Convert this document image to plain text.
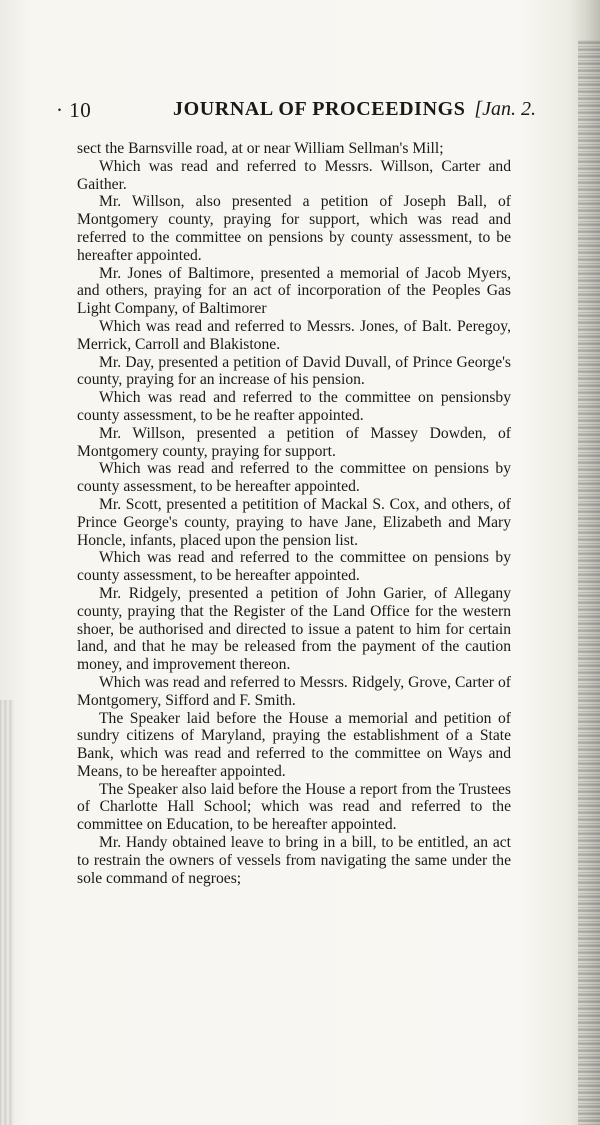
· 10	JOURNAL OF PROCEEDINGS [Jan. 2.

sect the Barnsville road, at or near William Sellman's Mill;

Which was read and referred to Messrs. Willson, Carter and Gaither.

Mr. Willson, also presented a petition of Joseph Ball, of Montgomery county, praying for support, which was read and referred to the committee on pensions by county assessment, to be hereafter appointed.

Mr. Jones of Baltimore, presented a memorial of Jacob Myers, and others, praying for an act of incorporation of the Peoples Gas Light Company, of Baltimorer

Which was read and referred to Messrs. Jones, of Balt. Peregoy, Merrick, Carroll and Blakistone.

Mr. Day, presented a petition of David Duvall, of Prince George's county, praying for an increase of his pension.

Which was read and referred to the committee on pensionsby county assessment, to be he reafter appointed.

Mr. Willson, presented a petition of Massey Dowden, of Montgomery county, praying for support.

Which was read and referred to the committee on pensions by county assessment, to be hereafter appointed.

Mr. Scott, presented a petitition of Mackal S. Cox, and others, of Prince George's county, praying to have Jane, Elizabeth and Mary Honcle, infants, placed upon the pension list.

Which was read and referred to the committee on pensions by county assessment, to be hereafter appointed.

Mr. Ridgely, presented a petition of John Garier, of Allegany county, praying that the Register of the Land Office for the western shoer, be authorised and directed to issue a patent to him for certain land, and that he may be released from the payment of the caution money, and improvement thereon.

Which was read and referred to Messrs. Ridgely, Grove, Carter of Montgomery, Sifford and F. Smith.

The Speaker laid before the House a memorial and petition of sundry citizens of Maryland, praying the establishment of a State Bank, which was read and referred to the committee on Ways and Means, to be hereafter appointed.

The Speaker also laid before the House a report from the Trustees of Charlotte Hall School; which was read and referred to the committee on Education, to be hereafter appointed.

Mr. Handy obtained leave to bring in a bill, to be entitled, an act to restrain the owners of vessels from navigating the same under the sole command of negroes;
